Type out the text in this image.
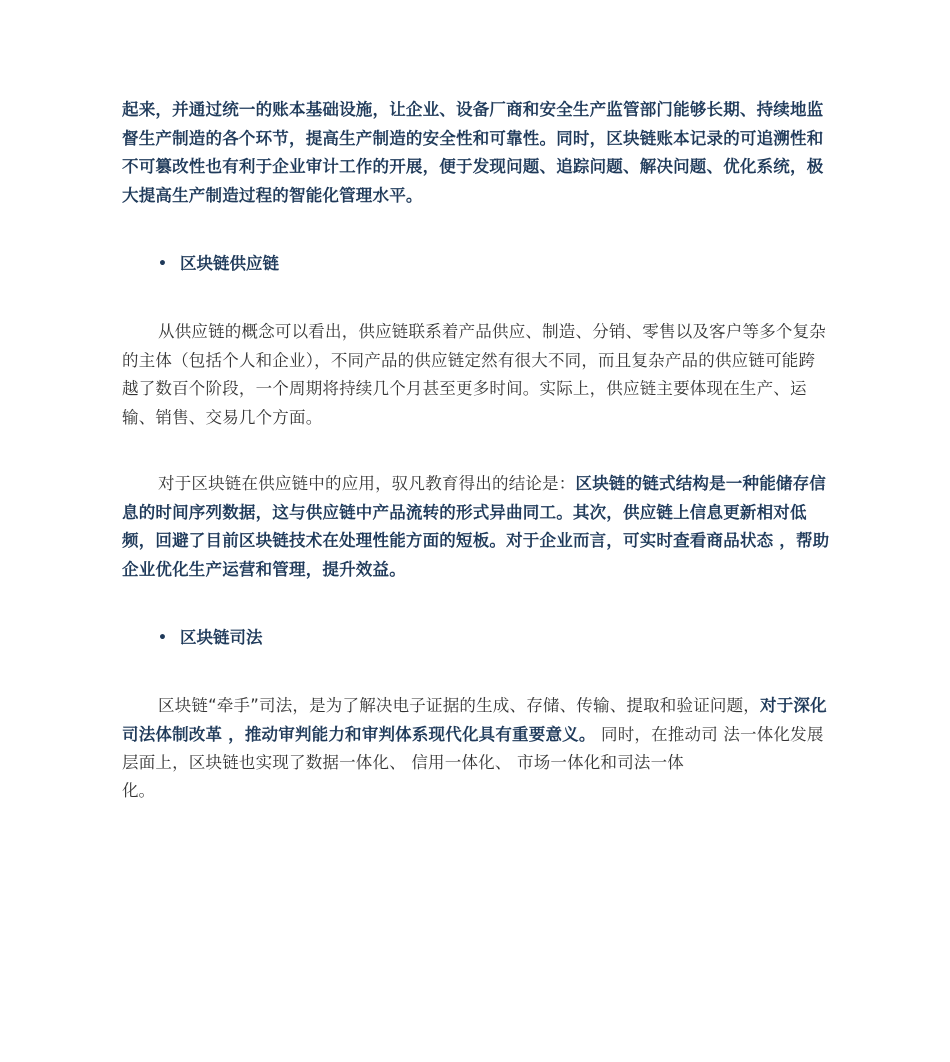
起来，并通过统一的账本基础设施，让企业、设备厂商和安全生产监管部门能够长期、持续地监督生产制造的各个环节，提高生产制造的安全性和可靠性。同时，区块链账本记录的可追溯性和不可篡改性也有利于企业审计工作的开展，便于发现问题、追踪问题、解决问题、优化系统，极大提高生产制造过程的智能化管理水平。

• 区块链供应链

从供应链的概念可以看出，供应链联系着产品供应、制造、分销、零售以及客户等多个复杂的主体（包括个人和企业），不同产品的供应链定然有很大不同，而且复杂产品的供应链可能跨越了数百个阶段，一个周期将持续几个月甚至更多时间。实际上，供应链主要体现在生产、运输、销售、交易几个方面。

对于区块链在供应链中的应用，驭凡教育得出的结论是：区块链的链式结构是一种能储存信息的时间序列数据，这与供应链中产品流转的形式异曲同工。其次，供应链上信息更新相对低频，回避了目前区块链技术在处理性能方面的短板。对于企业而言，可实时查看商品状态 ，帮助企业优化生产运营和管理，提升效益。

• 区块链司法

区块链“牵手”司法，是为了解决电子证据的生成、存储、传输、提取和验证问题，对于深化司法体制改革 ，推动审判能力和审判体系现代化具有重要意义。 同时，在推动司 法一体化发展层面上，区块链也实现了数据一体化、 信用一体化、 市场一体化和司法一体

化。
